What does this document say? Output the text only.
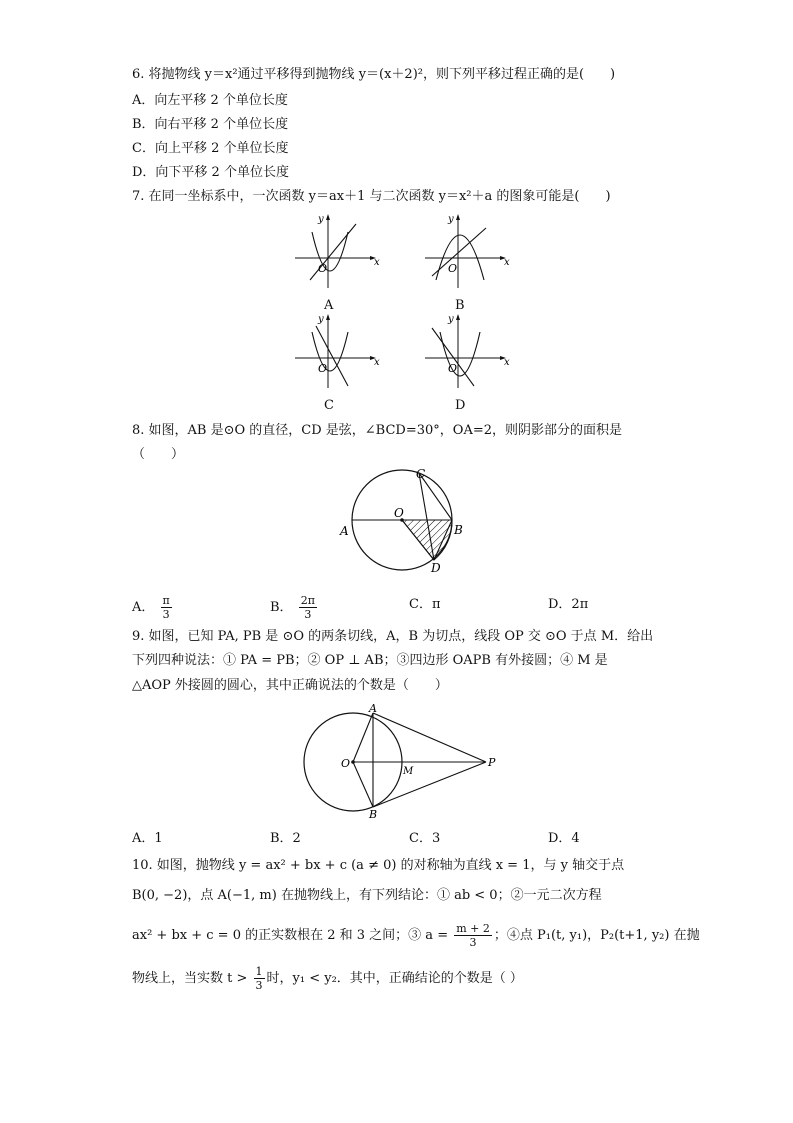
6. 将抛物线 y＝x²通过平移得到抛物线 y＝(x＋2)²，则下列平移过程正确的是(　　)
A．向左平移 2 个单位长度
B．向右平移 2 个单位长度
C．向上平移 2 个单位长度
D．向下平移 2 个单位长度
7. 在同一坐标系中，一次函数 y＝ax＋1 与二次函数 y＝x²＋a 的图象可能是(　　)
y
x
O
A
y
x
O
B
y
x
O
C
y
x
O
D
8. 如图，AB 是⊙O 的直径，CD 是弦，∠BCD=30°，OA=2，则阴影部分的面积是
（　　）
A	B
C
D
O
A． $\frac{\pi}{3}$	B． $\frac{2\pi}{3}$	C．π	D．2π
9. 如图，已知 PA, PB 是 ⊙O 的两条切线，A，B 为切点，线段 OP 交 ⊙O 于点 M．给出
下列四种说法：① PA = PB；② OP ⊥ AB；③四边形 OAPB 有外接圆；④ M 是
△AOP 外接圆的圆心，其中正确说法的个数是（　　）
A
B
O
M
P
A．1	B．2	C．3	D．4
10. 如图，抛物线 y = ax² + bx + c (a ≠ 0) 的对称轴为直线 x = 1，与 y 轴交于点
B(0, −2)，点 A(−1, m) 在抛物线上，有下列结论：① ab < 0；②一元二次方程
ax² + bx + c = 0 的正实数根在 2 和 3 之间；③ $a = \frac{m + 2}{3}$ ；④点 P₁(t, y₁)，P₂(t+1, y₂) 在抛
物线上，当实数 $t > \frac{1}{3}$ 时，y₁ < y₂．其中，正确结论的个数是（ ）
